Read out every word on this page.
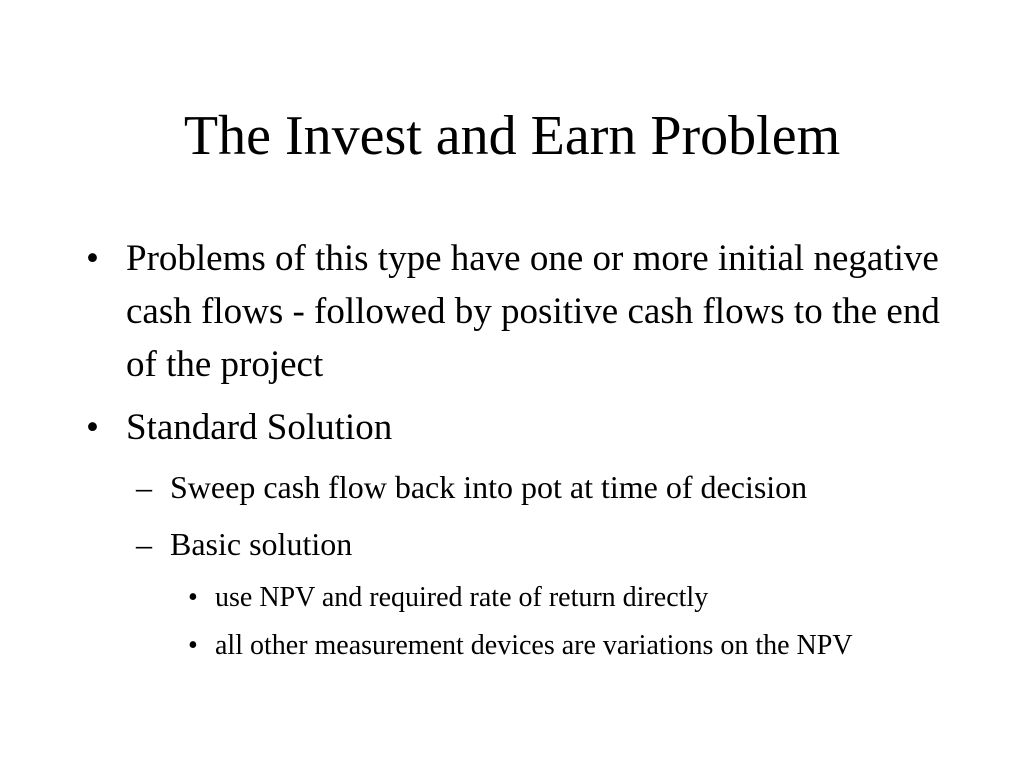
The Invest and Earn Problem
• Problems of this type have one or more initial negative cash flows - followed by positive cash flows to the end of the project
• Standard Solution
– Sweep cash flow back into pot at time of decision
– Basic solution
• use NPV and required rate of return directly
• all other measurement devices are variations on the NPV
